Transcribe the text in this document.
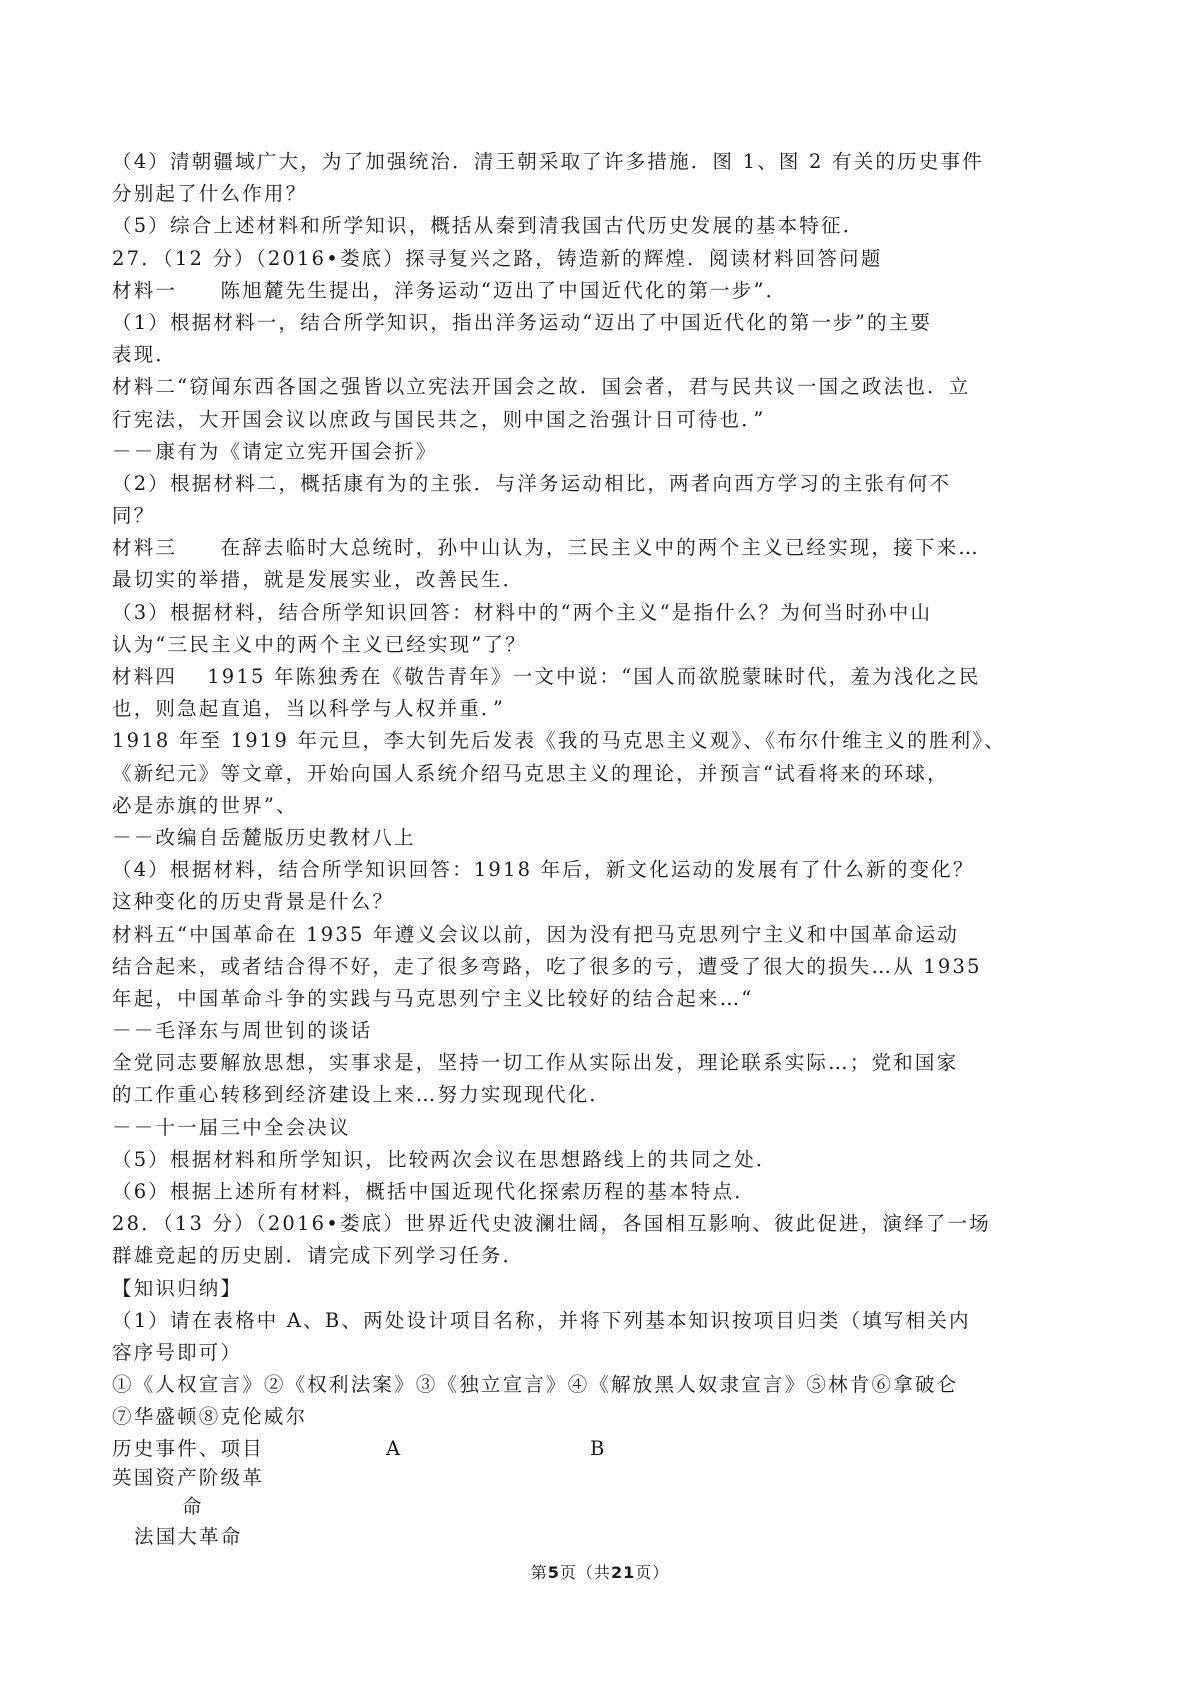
（4）清朝疆域广大，为了加强统治．清王朝采取了许多措施．图 1、图 2 有关的历史事件
分别起了什么作用？
（5）综合上述材料和所学知识，概括从秦到清我国古代历史发展的基本特征．
27．（12 分）（2016•娄底）探寻复兴之路，铸造新的辉煌．阅读材料回答问题
材料一　　陈旭麓先生提出，洋务运动“迈出了中国近代化的第一步”．
（1）根据材料一，结合所学知识，指出洋务运动“迈出了中国近代化的第一步”的主要
表现．
材料二“窃闻东西各国之强皆以立宪法开国会之故．国会者，君与民共议一国之政法也．立
行宪法，大开国会议以庶政与国民共之，则中国之治强计日可待也．”
－－康有为《请定立宪开国会折》
（2）根据材料二，概括康有为的主张．与洋务运动相比，两者向西方学习的主张有何不
同？
材料三　　在辞去临时大总统时，孙中山认为，三民主义中的两个主义已经实现，接下来…
最切实的举措，就是发展实业，改善民生．
（3）根据材料，结合所学知识回答：材料中的“两个主义“是指什么？为何当时孙中山
认为“三民主义中的两个主义已经实现”了？
材料四　 1915 年陈独秀在《敬告青年》一文中说：“国人而欲脱蒙昧时代，羞为浅化之民
也，则急起直追，当以科学与人权并重．”
1918 年至 1919 年元旦，李大钊先后发表《我的马克思主义观》、《布尔什维主义的胜利》、
《新纪元》等文章，开始向国人系统介绍马克思主义的理论，并预言“试看将来的环球，
必是赤旗的世界”、
－－改编自岳麓版历史教材八上
（4）根据材料，结合所学知识回答：1918 年后，新文化运动的发展有了什么新的变化？
这种变化的历史背景是什么？
材料五“中国革命在 1935 年遵义会议以前，因为没有把马克思列宁主义和中国革命运动
结合起来，或者结合得不好，走了很多弯路，吃了很多的亏，遭受了很大的损失…从 1935
年起，中国革命斗争的实践与马克思列宁主义比较好的结合起来…“
－－毛泽东与周世钊的谈话
全党同志要解放思想，实事求是，坚持一切工作从实际出发，理论联系实际…；党和国家
的工作重心转移到经济建设上来…努力实现现代化．
－－十一届三中全会决议
（5）根据材料和所学知识，比较两次会议在思想路线上的共同之处．
（6）根据上述所有材料，概括中国近现代化探索历程的基本特点．
28．（13 分）（2016•娄底）世界近代史波澜壮阔，各国相互影响、彼此促进，演绎了一场
群雄竞起的历史剧．请完成下列学习任务．
【知识归纳】
（1）请在表格中 A、B、两处设计项目名称，并将下列基本知识按项目归类（填写相关内
容序号即可）
①《人权宣言》②《权利法案》③《独立宣言》④《解放黑人奴隶宣言》⑤林肯⑥拿破仑
⑦华盛顿⑧克伦威尔
历史事件、项目	A	B
英国资产阶级革
命
法国大革命
第5页（共21页）
